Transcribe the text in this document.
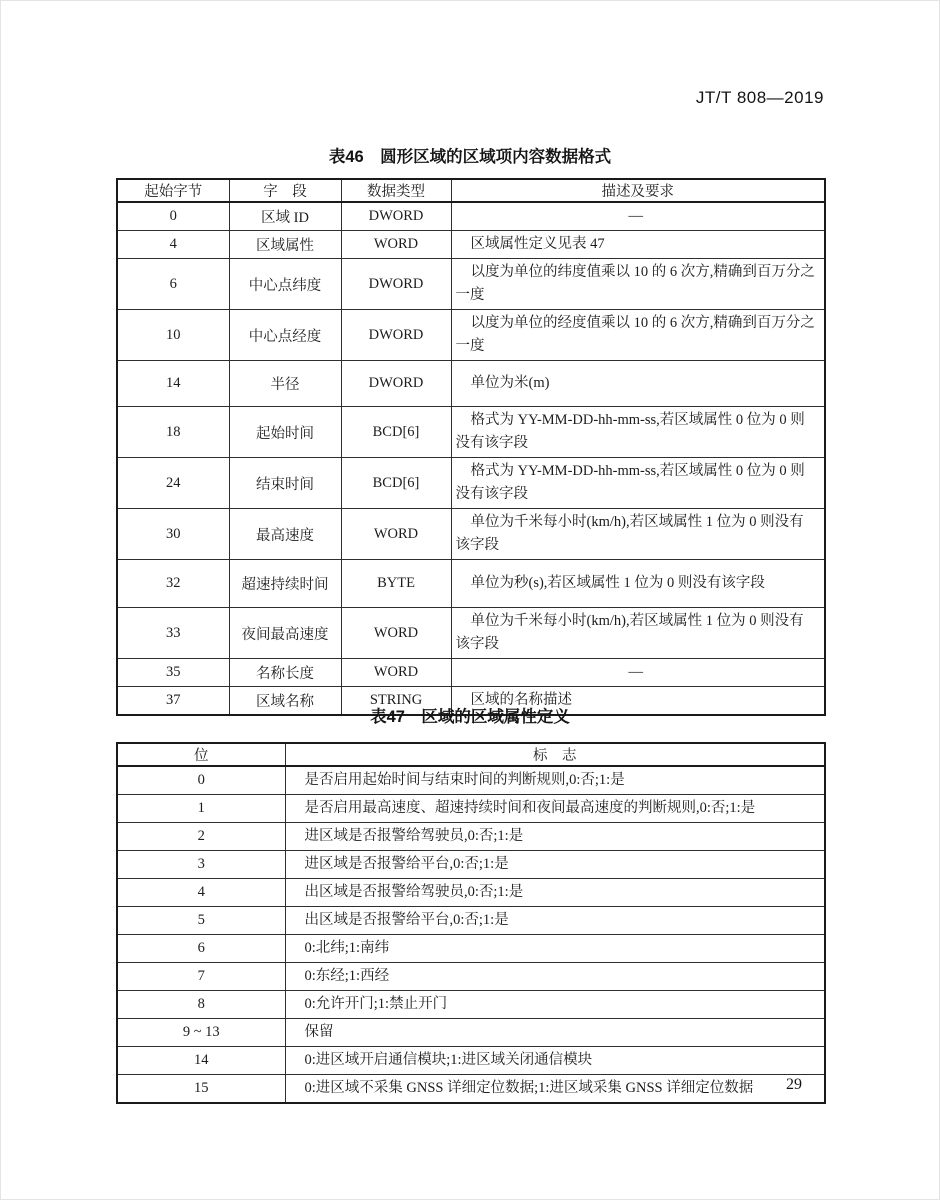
JT/T 808—2019
表46　圆形区域的区域项内容数据格式
起始字节	字　段	数据类型	描述及要求
0	区域 ID	DWORD	—
4	区域属性	WORD	区域属性定义见表 47
6	中心点纬度	DWORD	以度为单位的纬度值乘以 10 的 6 次方,精确到百万分之一度
10	中心点经度	DWORD	以度为单位的经度值乘以 10 的 6 次方,精确到百万分之一度
14	半径	DWORD	单位为米(m)
18	起始时间	BCD[6]	格式为 YY-MM-DD-hh-mm-ss,若区域属性 0 位为 0 则没有该字段
24	结束时间	BCD[6]	格式为 YY-MM-DD-hh-mm-ss,若区域属性 0 位为 0 则没有该字段
30	最高速度	WORD	单位为千米每小时(km/h),若区域属性 1 位为 0 则没有该字段
32	超速持续时间	BYTE	单位为秒(s),若区域属性 1 位为 0 则没有该字段
33	夜间最高速度	WORD	单位为千米每小时(km/h),若区域属性 1 位为 0 则没有该字段
35	名称长度	WORD	—
37	区域名称	STRING	区域的名称描述
表47　区域的区域属性定义
位	标　志
0	是否启用起始时间与结束时间的判断规则,0:否;1:是
1	是否启用最高速度、超速持续时间和夜间最高速度的判断规则,0:否;1:是
2	进区域是否报警给驾驶员,0:否;1:是
3	进区域是否报警给平台,0:否;1:是
4	出区域是否报警给驾驶员,0:否;1:是
5	出区域是否报警给平台,0:否;1:是
6	0:北纬;1:南纬
7	0:东经;1:西经
8	0:允许开门;1:禁止开门
9 ~ 13	保留
14	0:进区域开启通信模块;1:进区域关闭通信模块
15	0:进区域不采集 GNSS 详细定位数据;1:进区域采集 GNSS 详细定位数据 29
